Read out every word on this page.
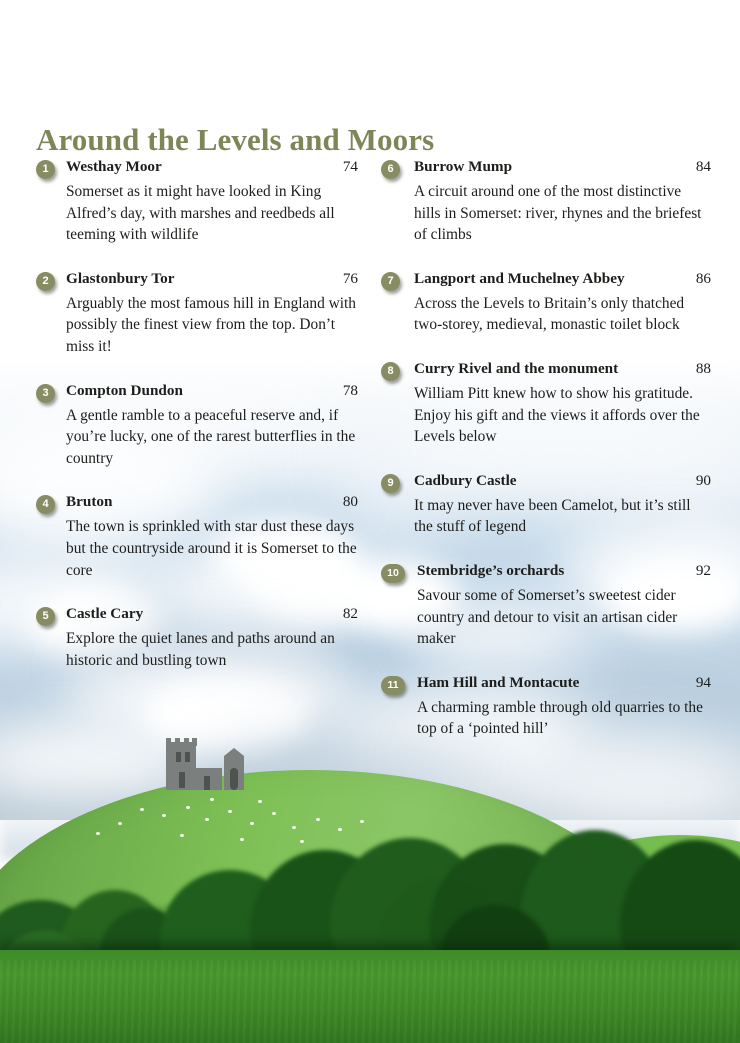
Around the Levels and Moors
1	Westhay Moor	74

Somerset as it might have looked in King Alfred’s day, with marshes and reedbeds all teeming with wildlife

2	Glastonbury Tor	76

Arguably the most famous hill in England with possibly the finest view from the top. Don’t miss it!

3	Compton Dundon	78

A gentle ramble to a peaceful reserve and, if you’re lucky, one of the rarest butterflies in the country

4	Bruton	80

The town is sprinkled with star dust these days but the countryside around it is Somerset to the core

5	Castle Cary	82

Explore the quiet lanes and paths around an historic and bustling town

6	Burrow Mump	84

A circuit around one of the most distinctive hills in Somerset: river, rhynes and the briefest of climbs

7	Langport and Muchelney Abbey	86

Across the Levels to Britain’s only thatched two-storey, medieval, monastic toilet block

8	Curry Rivel and the monument	88

William Pitt knew how to show his gratitude. Enjoy his gift and the views it affords over the Levels below

9	Cadbury Castle	90

It may never have been Camelot, but it’s still the stuff of legend

10	Stembridge’s orchards	92

Savour some of Somerset’s sweetest cider country and detour to visit an artisan cider maker

11	Ham Hill and Montacute	94

A charming ramble through old quarries to the top of a ‘pointed hill’
